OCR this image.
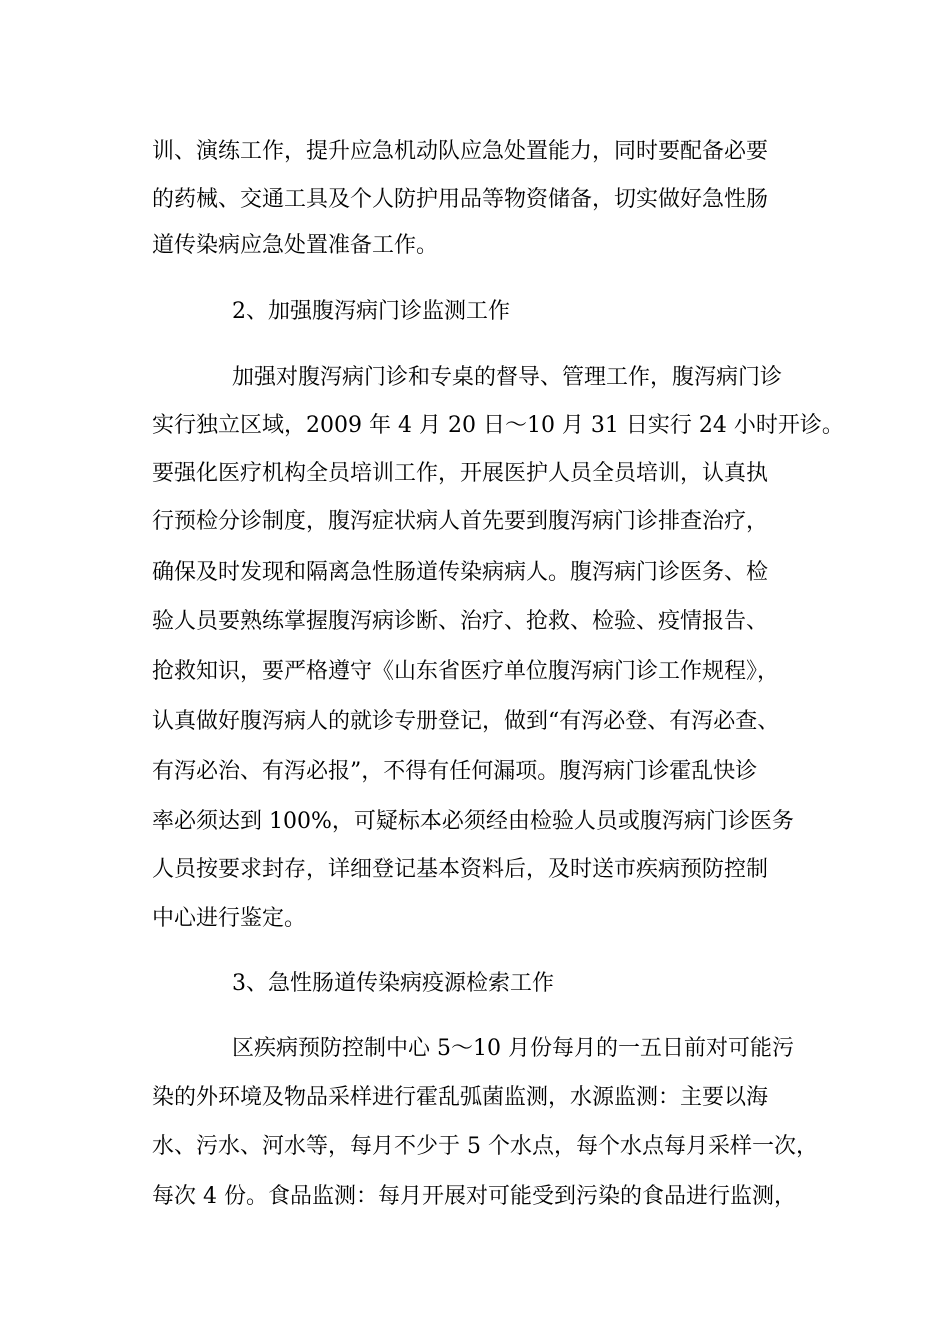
训、演练工作，提升应急机动队应急处置能力，同时要配备必要

的药械、交通工具及个人防护用品等物资储备，切实做好急性肠

道传染病应急处置准备工作。

2、加强腹泻病门诊监测工作

加强对腹泻病门诊和专桌的督导、管理工作，腹泻病门诊

实行独立区域，2009 年 4 月 20 日～10 月 31 日实行 24 小时开诊。

要强化医疗机构全员培训工作，开展医护人员全员培训，认真执

行预检分诊制度，腹泻症状病人首先要到腹泻病门诊排查治疗，

确保及时发现和隔离急性肠道传染病病人。腹泻病门诊医务、检

验人员要熟练掌握腹泻病诊断、治疗、抢救、检验、疫情报告、

抢救知识，要严格遵守《山东省医疗单位腹泻病门诊工作规程》，

认真做好腹泻病人的就诊专册登记，做到“有泻必登、有泻必查、

有泻必治、有泻必报”，不得有任何漏项。腹泻病门诊霍乱快诊

率必须达到 100%，可疑标本必须经由检验人员或腹泻病门诊医务

人员按要求封存，详细登记基本资料后，及时送市疾病预防控制

中心进行鉴定。

3、急性肠道传染病疫源检索工作

区疾病预防控制中心 5～10 月份每月的一五日前对可能污

染的外环境及物品采样进行霍乱弧菌监测，水源监测：主要以海

水、污水、河水等，每月不少于 5 个水点，每个水点每月采样一次，

每次 4 份。食品监测：每月开展对可能受到污染的食品进行监测，
